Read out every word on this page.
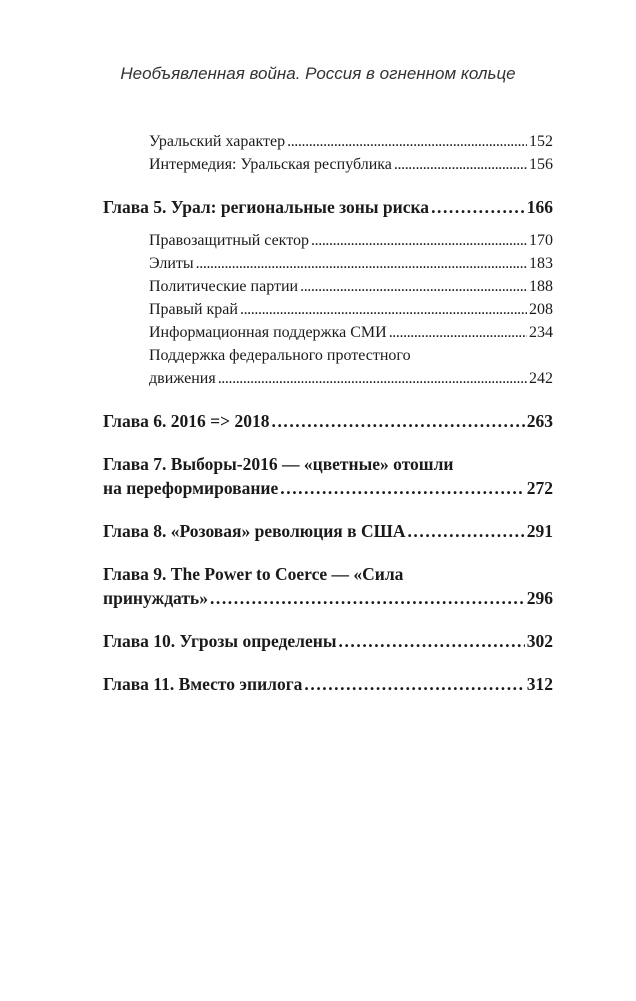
Необъявленная война. Россия в огненном кольце
Уральский характер . . .	152
Интермедия: Уральская республика . . .	156
Глава 5. Урал: региональные зоны риска . . .	166
Правозащитный сектор . . .	170
Элиты . . .	183
Политические партии . . .	188
Правый край . . .	208
Информационная поддержка СМИ . . .	234
Поддержка федерального протестного
движения . . .	242
Глава 6. 2016 => 2018 . . .	263
Глава 7. Выборы-2016 — «цветные» отошли
на переформирование . . .	272
Глава 8. «Розовая» революция в США . . .	291
Глава 9. The Power to Coerce — «Сила
принуждать» . . .	296
Глава 10. Угрозы определены . . .	302
Глава 11. Вместо эпилога . . .	312
